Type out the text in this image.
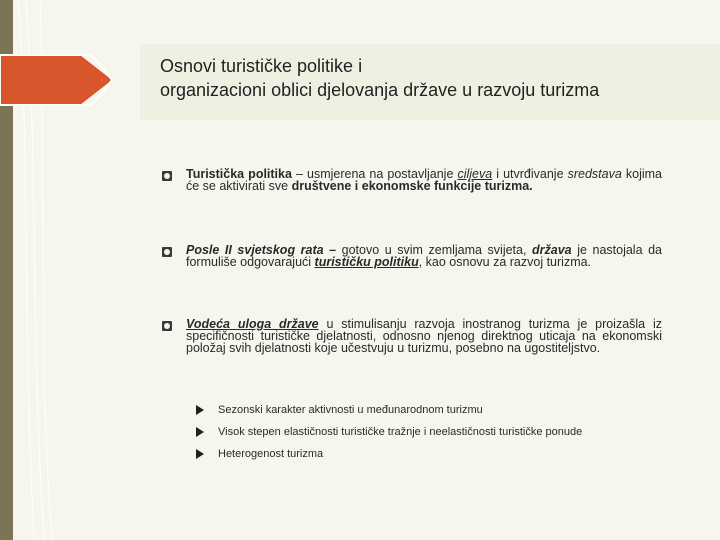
Osnovi turističke politike i
organizacioni oblici djelovanja države u razvoju turizma
Turistička politika – usmjerena na postavljanje ciljeva i utvrđivanje sredstava kojima će se aktivirati sve društvene i ekonomske funkcije turizma.
Posle II svjetskog rata – gotovo u svim zemljama svijeta, država je nastojala da formuliše odgovarajući turističku politiku, kao osnovu za razvoj turizma.
Vodeća uloga države u stimulisanju razvoja inostranog turizma je proizašla iz specifičnosti turističke djelatnosti, odnosno njenog direktnog uticaja na ekonomski položaj svih djelatnosti koje učestvuju u turizmu, posebno na ugostiteljstvo.
Sezonski karakter aktivnosti u međunarodnom turizmu
Visok stepen elastičnosti turističke tražnje i neelastičnosti turističke ponude
Heterogenost turizma
